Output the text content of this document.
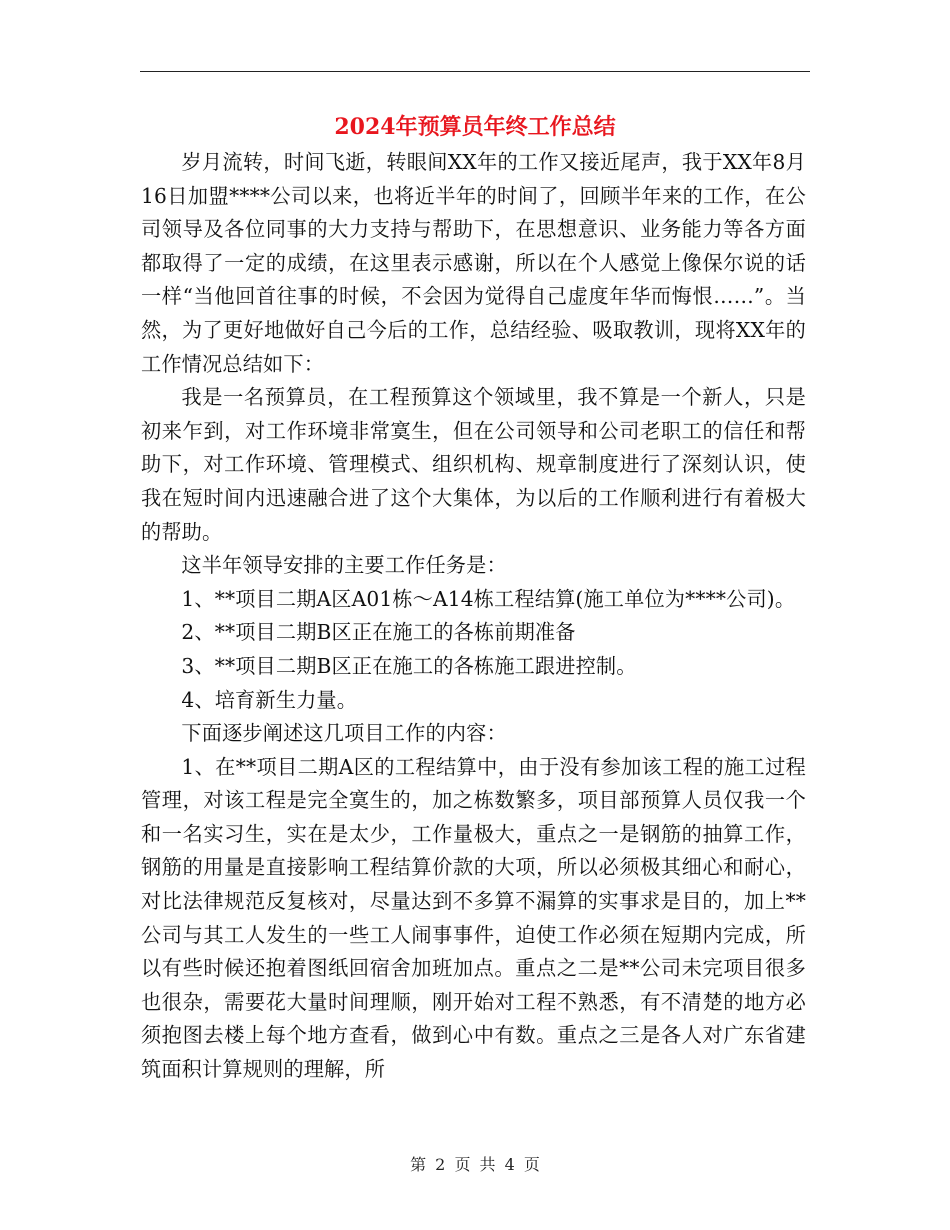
2024年预算员年终工作总结

岁月流转，时间飞逝，转眼间XX年的工作又接近尾声，我于XX年8月16日加盟****公司以来，也将近半年的时间了，回顾半年来的工作，在公司领导及各位同事的大力支持与帮助下，在思想意识、业务能力等各方面都取得了一定的成绩，在这里表示感谢，所以在个人感觉上像保尔说的话一样“当他回首往事的时候，不会因为觉得自己虚度年华而悔恨……”。当然，为了更好地做好自己今后的工作，总结经验、吸取教训，现将XX年的工作情况总结如下：

我是一名预算员，在工程预算这个领域里，我不算是一个新人，只是初来乍到，对工作环境非常寞生，但在公司领导和公司老职工的信任和帮助下，对工作环境、管理模式、组织机构、规章制度进行了深刻认识，使我在短时间内迅速融合进了这个大集体，为以后的工作顺利进行有着极大的帮助。

这半年领导安排的主要工作任务是：

1、**项目二期A区A01栋～A14栋工程结算(施工单位为****公司)。

2、**项目二期B区正在施工的各栋前期准备

3、**项目二期B区正在施工的各栋施工跟进控制。

4、培育新生力量。

下面逐步阐述这几项目工作的内容：

1、在**项目二期A区的工程结算中，由于没有参加该工程的施工过程管理，对该工程是完全寞生的，加之栋数繁多，项目部预算人员仅我一个和一名实习生，实在是太少，工作量极大，重点之一是钢筋的抽算工作，钢筋的用量是直接影响工程结算价款的大项，所以必须极其细心和耐心，对比法律规范反复核对，尽量达到不多算不漏算的实事求是目的，加上**公司与其工人发生的一些工人闹事事件，迫使工作必须在短期内完成，所以有些时候还抱着图纸回宿舍加班加点。重点之二是**公司未完项目很多也很杂，需要花大量时间理顺，刚开始对工程不熟悉，有不清楚的地方必须抱图去楼上每个地方查看，做到心中有数。重点之三是各人对广东省建筑面积计算规则的理解，所

第 2 页 共 4 页
